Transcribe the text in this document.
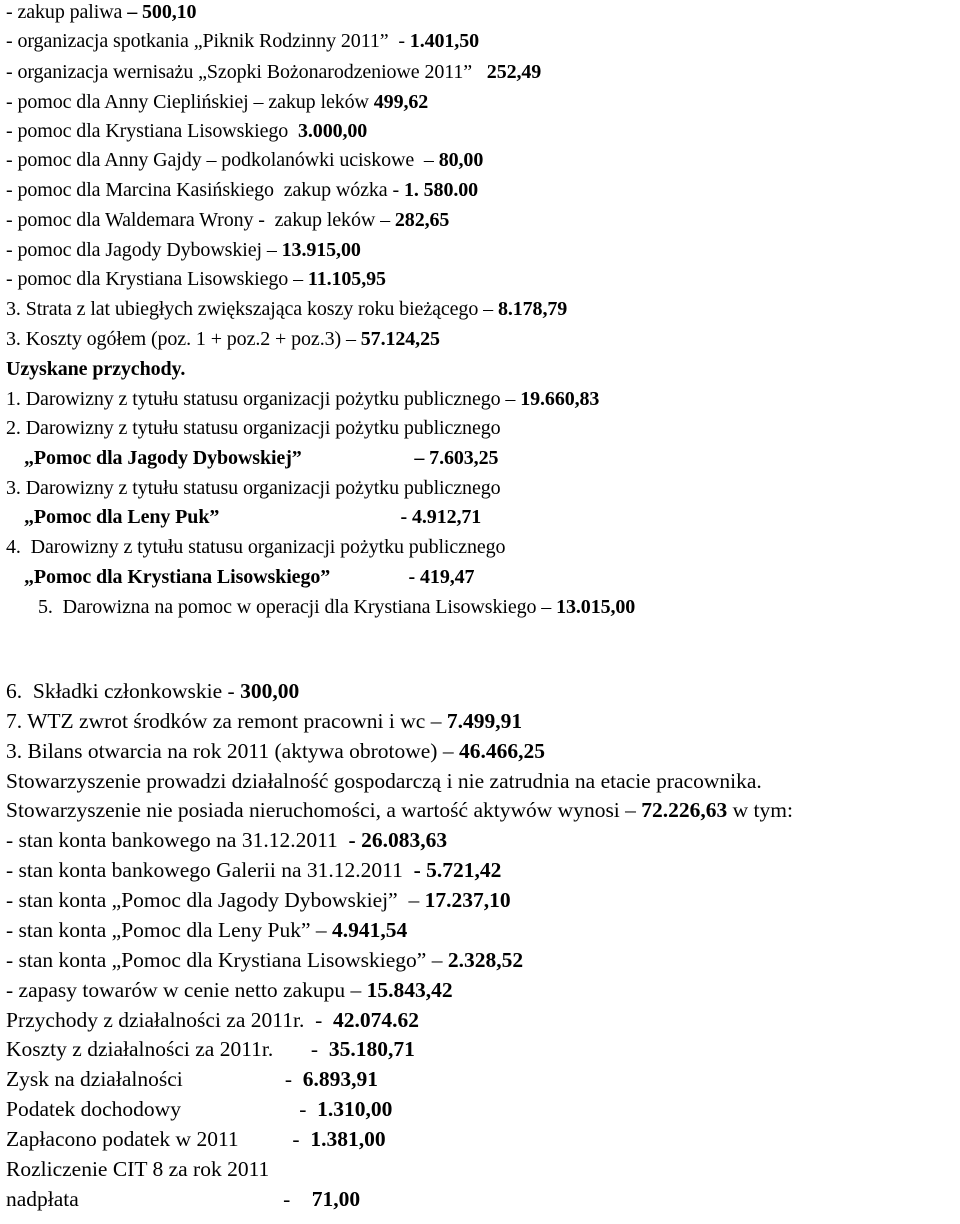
- zakup paliwa – 500,10
- organizacja spotkania „Piknik Rodzinny 2011”  - 1.401,50
- organizacja wernisażu „Szopki Bożonarodzeniowe 2011”   252,49
- pomoc dla Anny Cieplińskiej – zakup leków 499,62
- pomoc dla Krystiana Lisowskiego  3.000,00
- pomoc dla Anny Gajdy – podkolanówki uciskowe  – 80,00
- pomoc dla Marcina Kasińskiego  zakup wózka - 1. 580.00
- pomoc dla Waldemara Wrony -  zakup leków – 282,65
- pomoc dla Jagody Dybowskiej – 13.915,00
- pomoc dla Krystiana Lisowskiego – 11.105,95
3. Strata z lat ubiegłych zwiększająca koszy roku bieżącego – 8.178,79
3. Koszty ogółem (poz. 1 + poz.2 + poz.3) – 57.124,25
Uzyskane przychody.
1. Darowizny z tytułu statusu organizacji pożytku publicznego – 19.660,83
2. Darowizny z tytułu statusu organizacji pożytku publicznego
„Pomoc dla Jagody Dybowskiej”                       – 7.603,25
3. Darowizny z tytułu statusu organizacji pożytku publicznego
„Pomoc dla Leny Puk”                                     - 4.912,71
4.  Darowizny z tytułu statusu organizacji pożytku publicznego
„Pomoc dla Krystiana Lisowskiego”                - 419,47
5.  Darowizna na pomoc w operacji dla Krystiana Lisowskiego – 13.015,00
6.  Składki członkowskie - 300,00
7. WTZ zwrot środków za remont pracowni i wc – 7.499,91
3. Bilans otwarcia na rok 2011 (aktywa obrotowe) – 46.466,25
Stowarzyszenie prowadzi działalność gospodarczą i nie zatrudnia na etacie pracownika.
Stowarzyszenie nie posiada nieruchomości, a wartość aktywów wynosi – 72.226,63 w tym:
- stan konta bankowego na 31.12.2011  - 26.083,63
- stan konta bankowego Galerii na 31.12.2011  - 5.721,42
- stan konta „Pomoc dla Jagody Dybowskiej”  – 17.237,10
- stan konta „Pomoc dla Leny Puk” – 4.941,54
- stan konta „Pomoc dla Krystiana Lisowskiego” – 2.328,52
- zapasy towarów w cenie netto zakupu – 15.843,42
Przychody z działalności za 2011r.  -  42.074.62
Koszty z działalności za 2011r.       -  35.180,71
Zysk na działalności                   -  6.893,91
Podatek dochodowy                      -  1.310,00
Zapłacono podatek w 2011          -  1.381,00
Rozliczenie CIT 8 za rok 2011
nadpłata                                      -    71,00
